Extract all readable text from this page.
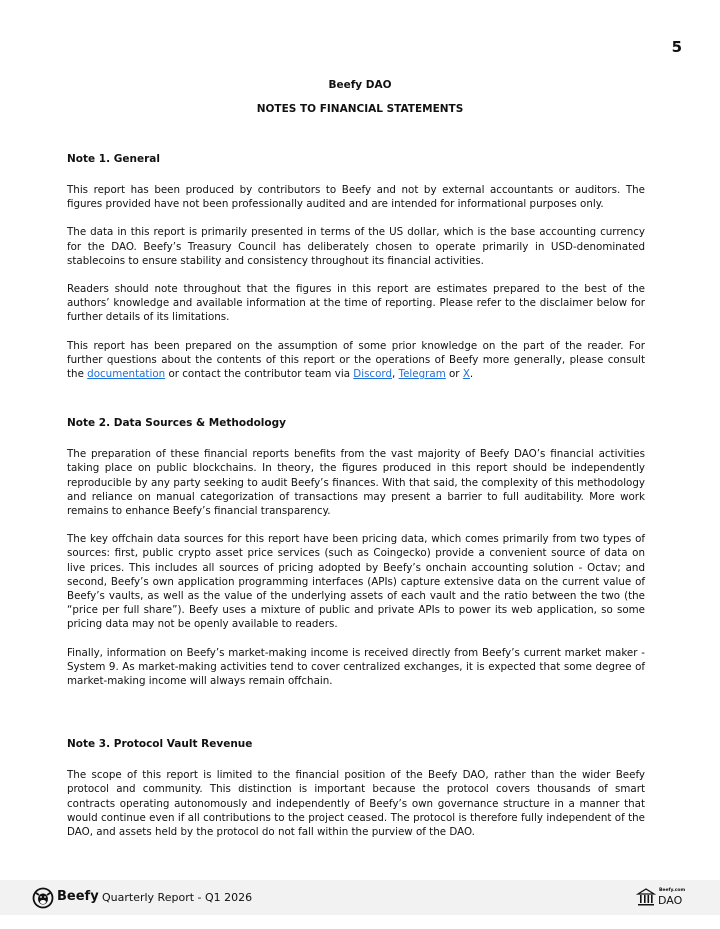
5
Beefy DAO
NOTES TO FINANCIAL STATEMENTS
Note 1. General

This report has been produced by contributors to Beefy and not by external accountants or auditors. The figures provided have not been professionally audited and are intended for informational purposes only.

The data in this report is primarily presented in terms of the US dollar, which is the base accounting currency for the DAO. Beefy’s Treasury Council has deliberately chosen to operate primarily in USD-denominated stablecoins to ensure stability and consistency throughout its financial activities.

Readers should note throughout that the figures in this report are estimates prepared to the best of the authors’ knowledge and available information at the time of reporting. Please refer to the disclaimer below for further details of its limitations.

This report has been prepared on the assumption of some prior knowledge on the part of the reader. For further questions about the contents of this report or the operations of Beefy more generally, please consult the documentation or contact the contributor team via Discord, Telegram or X.

Note 2. Data Sources & Methodology

The preparation of these financial reports benefits from the vast majority of Beefy DAO’s financial activities taking place on public blockchains. In theory, the figures produced in this report should be independently reproducible by any party seeking to audit Beefy’s finances. With that said, the complexity of this methodology and reliance on manual categorization of transactions may present a barrier to full auditability. More work remains to enhance Beefy’s financial transparency.

The key offchain data sources for this report have been pricing data, which comes primarily from two types of sources: first, public crypto asset price services (such as Coingecko) provide a convenient source of data on live prices. This includes all sources of pricing adopted by Beefy’s onchain accounting solution - Octav; and second, Beefy’s own application programming interfaces (APIs) capture extensive data on the current value of Beefy’s vaults, as well as the value of the underlying assets of each vault and the ratio between the two (the “price per full share”). Beefy uses a mixture of public and private APIs to power its web application, so some pricing data may not be openly available to readers.

Finally, information on Beefy’s market-making income is received directly from Beefy’s current market maker - System 9. As market-making activities tend to cover centralized exchanges, it is expected that some degree of market-making income will always remain offchain.

Note 3. Protocol Vault Revenue

The scope of this report is limited to the financial position of the Beefy DAO, rather than the wider Beefy protocol and community. This distinction is important because the protocol covers thousands of smart contracts operating autonomously and independently of Beefy’s own governance structure in a manner that would continue even if all contributions to the project ceased. The protocol is therefore fully independent of the DAO, and assets held by the protocol do not fall within the purview of the DAO.

Beefy Quarterly Report - Q1 2026
Beefy.com
DAO
